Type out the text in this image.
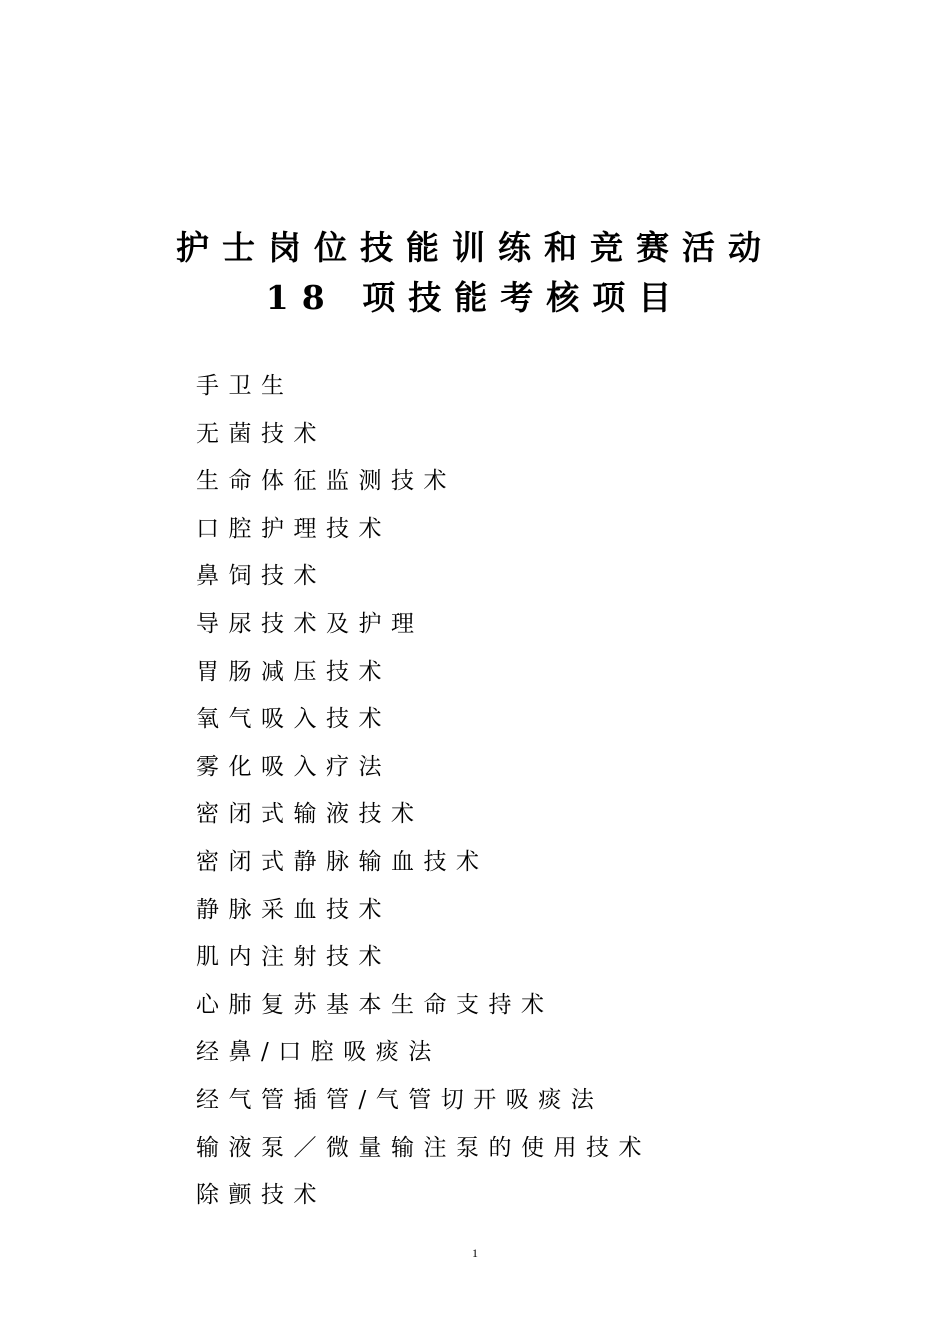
护士岗位技能训练和竞赛活动
18 项技能考核项目
手卫生
无菌技术
生命体征监测技术
口腔护理技术
鼻饲技术
导尿技术及护理
胃肠减压技术
氧气吸入技术
雾化吸入疗法
密闭式输液技术
密闭式静脉输血技术
静脉采血技术
肌内注射技术
心肺复苏基本生命支持术
经鼻/口腔吸痰法
经气管插管/气管切开吸痰法
输液泵／微量输注泵的使用技术
除颤技术
1
